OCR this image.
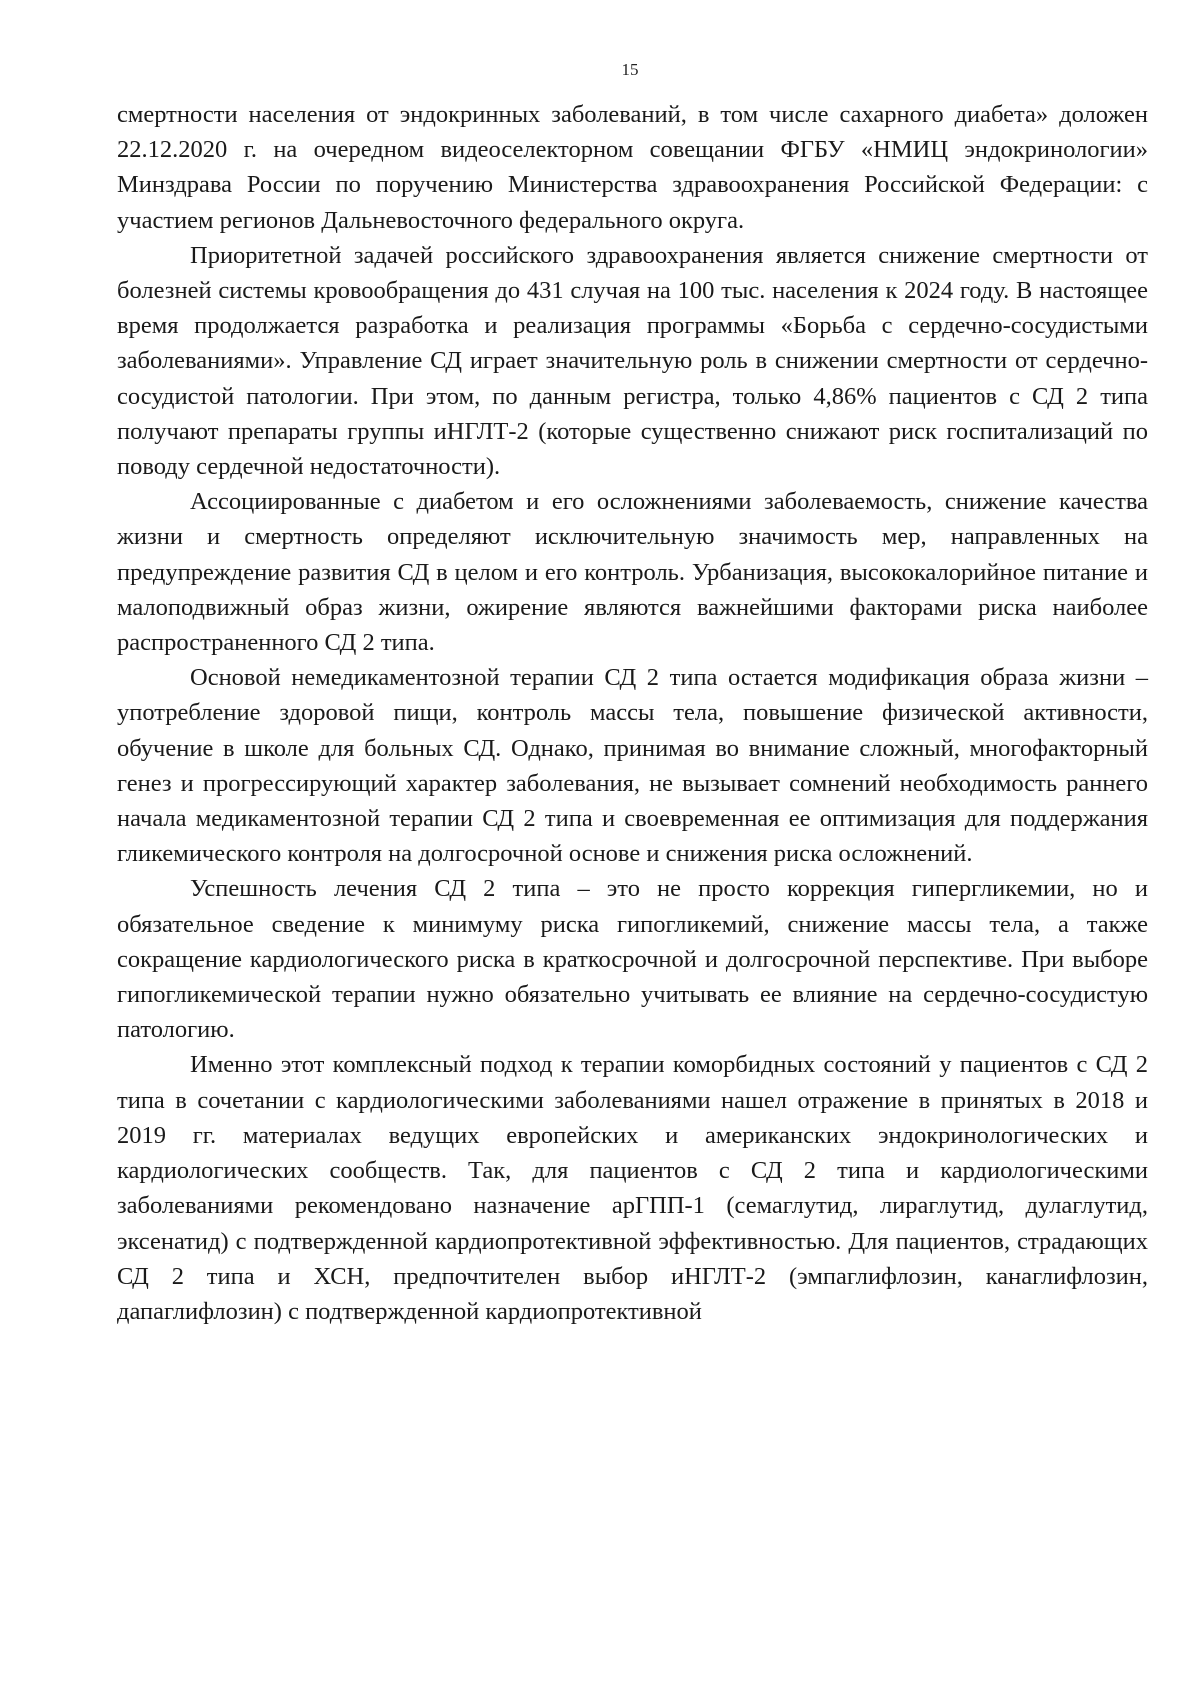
15

смертности населения от эндокринных заболеваний, в том числе сахарного диабета» доложен 22.12.2020 г. на очередном видеоселекторном совещании ФГБУ «НМИЦ эндокринологии» Минздрава России по поручению Министерства здравоохранения Российской Федерации: с участием регионов Дальневосточного федерального округа.

Приоритетной задачей российского здравоохранения является снижение смертности от болезней системы кровообращения до 431 случая на 100 тыс. населения к 2024 году. В настоящее время продолжается разработка и реализация программы «Борьба с сердечно-сосудистыми заболеваниями». Управление СД играет значительную роль в снижении смертности от сердечно-сосудистой патологии. При этом, по данным регистра, только 4,86% пациентов с СД 2 типа получают препараты группы иНГЛТ-2 (которые существенно снижают риск госпитализаций по поводу сердечной недостаточности).

Ассоциированные с диабетом и его осложнениями заболеваемость, снижение качества жизни и смертность определяют исключительную значимость мер, направленных на предупреждение развития СД в целом и его контроль. Урбанизация, высококалорийное питание и малоподвижный образ жизни, ожирение являются важнейшими факторами риска наиболее распространенного СД 2 типа.

Основой немедикаментозной терапии СД 2 типа остается модификация образа жизни – употребление здоровой пищи, контроль массы тела, повышение физической активности, обучение в школе для больных СД. Однако, принимая во внимание сложный, многофакторный генез и прогрессирующий характер заболевания, не вызывает сомнений необходимость раннего начала медикаментозной терапии СД 2 типа и своевременная ее оптимизация для поддержания гликемического контроля на долгосрочной основе и снижения риска осложнений.

Успешность лечения СД 2 типа – это не просто коррекция гипергликемии, но и обязательное сведение к минимуму риска гипогликемий, снижение массы тела, а также сокращение кардиологического риска в краткосрочной и долгосрочной перспективе. При выборе гипогликемической терапии нужно обязательно учитывать ее влияние на сердечно-сосудистую патологию.

Именно этот комплексный подход к терапии коморбидных состояний у пациентов с СД 2 типа в сочетании с кардиологическими заболеваниями нашел отражение в принятых в 2018 и 2019 гг. материалах ведущих европейских и американских эндокринологических и кардиологических сообществ. Так, для пациентов с СД 2 типа и кардиологическими заболеваниями рекомендовано назначение арГПП-1 (семаглутид, лираглутид, дулаглутид, эксенатид) с подтвержденной кардиопротективной эффективностью. Для пациентов, страдающих СД 2 типа и ХСН, предпочтителен выбор иНГЛТ-2 (эмпаглифлозин, канаглифлозин, дапаглифлозин) с подтвержденной кардиопротективной
